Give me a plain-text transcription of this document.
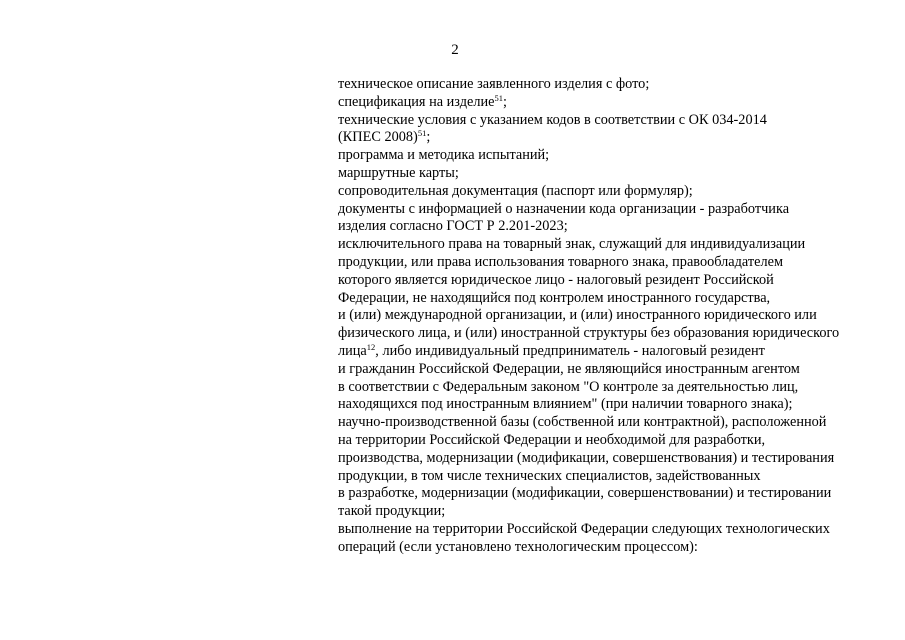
2
техническое описание заявленного изделия с фото;
спецификация на изделие$^{51}$;
технические условия с указанием кодов в соответствии с ОК 034-2014
(КПЕС 2008)$^{51}$;
программа и методика испытаний;
маршрутные карты;
сопроводительная документация (паспорт или формуляр);
документы с информацией о назначении кода организации - разработчика
изделия согласно ГОСТ Р 2.201-2023;
исключительного права на товарный знак, служащий для индивидуализации
продукции, или права использования товарного знака, правообладателем
которого является юридическое лицо - налоговый резидент Российской
Федерации, не находящийся под контролем иностранного государства,
и (или) международной организации, и (или) иностранного юридического или
физического лица, и (или) иностранной структуры без образования юридического
лица$^{12}$, либо индивидуальный предприниматель - налоговый резидент
и гражданин Российской Федерации, не являющийся иностранным агентом
в соответствии с Федеральным законом "О контроле за деятельностью лиц,
находящихся под иностранным влиянием" (при наличии товарного знака);
научно-производственной базы (собственной или контрактной), расположенной
на территории Российской Федерации и необходимой для разработки,
производства, модернизации (модификации, совершенствования) и тестирования
продукции, в том числе технических специалистов, задействованных
в разработке, модернизации (модификации, совершенствовании) и тестировании
такой продукции;
выполнение на территории Российской Федерации следующих технологических
операций (если установлено технологическим процессом):
